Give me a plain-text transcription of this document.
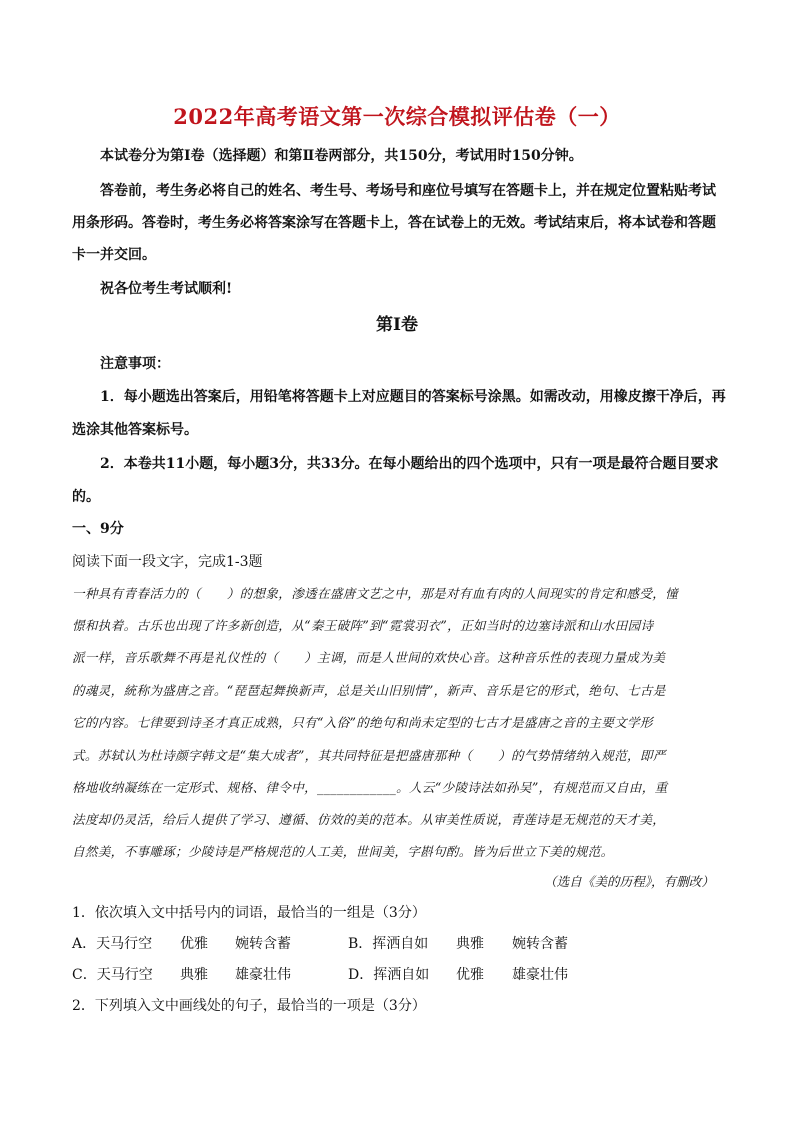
2022年高考语文第一次综合模拟评估卷（一）
本试卷分为第Ⅰ卷（选择题）和第Ⅱ卷两部分，共150分，考试用时150分钟。
答卷前，考生务必将自己的姓名、考生号、考场号和座位号填写在答题卡上，并在规定位置粘贴考试
用条形码。答卷时，考生务必将答案涂写在答题卡上，答在试卷上的无效。考试结束后，将本试卷和答题
卡一并交回。
祝各位考生考试顺利!
第Ⅰ卷
注意事项：
1．每小题选出答案后，用铅笔将答题卡上对应题目的答案标号涂黑。如需改动，用橡皮擦干净后，再
选涂其他答案标号。
2．本卷共11小题，每小题3分，共33分。在每小题给出的四个选项中，只有一项是最符合题目要求
的。
一、9分
阅读下面一段文字，完成1-3题
一种具有青春活力的（　　）的想象，渗透在盛唐文艺之中，那是对有血有肉的人间现实的肯定和感受，憧
憬和执着。古乐也出现了许多新创造，从“秦王破阵”到“霓裳羽衣”，正如当时的边塞诗派和山水田园诗
派一样，音乐歌舞不再是礼仪性的（　　）主调，而是人世间的欢快心音。这种音乐性的表现力量成为美
的魂灵，統称为盛唐之音。“琵琶起舞换新声，总是关山旧别情”，新声、音乐是它的形式，绝句、七古是
它的内容。七律要到诗圣才真正成熟，只有“入俗”的绝句和尚未定型的七古才是盛唐之音的主要文学形
式。苏轼认为杜诗颜字韩文是“集大成者”，其共同特征是把盛唐那种（　　）的气势情绪纳入规范，即严
格地收纳凝练在一定形式、规格、律令中，____________。人云“少陵诗法如孙吴”，有规范而又自由，重
法度却仍灵活，给后人提供了学习、遵循、仿效的美的范本。从审美性质说，青莲诗是无规范的天才美，
自然美，不事雕琢；少陵诗是严格规范的人工美，世间美，字斟句酌。皆为后世立下美的规范。
（选自《美的历程》，有删改）
1．依次填入文中括号内的词语，最恰当的一组是（3分）
A．天马行空 优雅 婉转含蓄	B．挥洒自如 典雅 婉转含蓄
C．天马行空 典雅 雄豪壮伟	D．挥洒自如 优雅 雄豪壮伟
2．下列填入文中画线处的句子，最恰当的一项是（3分）
